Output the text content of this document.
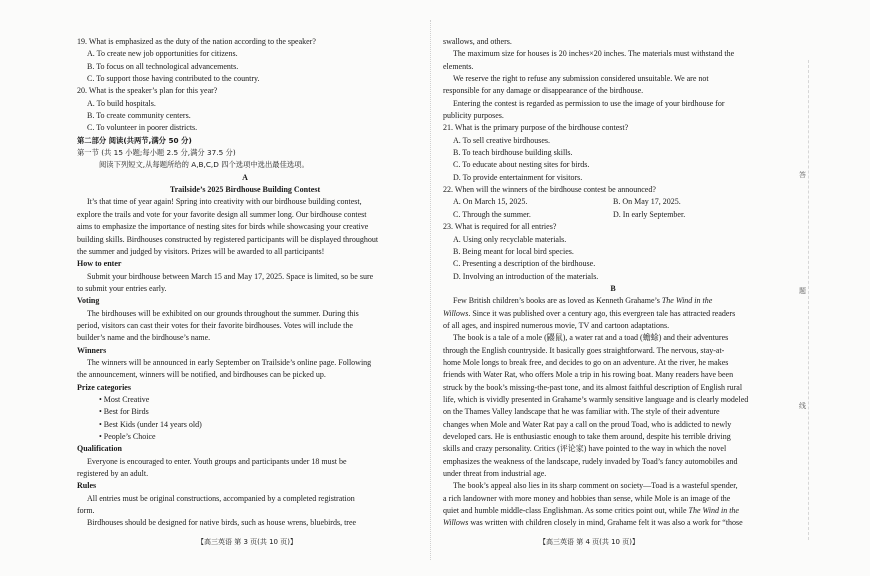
答
题
线
19. What is emphasized as the duty of the nation according to the speaker?
A. To create new job opportunities for citizens.
B. To focus on all technological advancements.
C. To support those having contributed to the country.
20. What is the speaker’s plan for this year?
A. To build hospitals.
B. To create community centers.
C. To volunteer in poorer districts.
第二部分 阅读(共两节,满分 50 分)
第一节 (共 15 小题;每小题 2.5 分,满分 37.5 分)
阅读下列短文,从每题所给的 A,B,C,D 四个选项中选出最佳选项。
A
Trailside’s 2025 Birdhouse Building Contest
It’s that time of year again! Spring into creativity with our birdhouse building contest,
explore the trails and vote for your favorite design all summer long. Our birdhouse contest
aims to emphasize the importance of nesting sites for birds while showcasing your creative
building skills. Birdhouses constructed by registered participants will be displayed throughout
the summer and judged by visitors. Prizes will be awarded to all participants!
How to enter
Submit your birdhouse between March 15 and May 17, 2025. Space is limited, so be sure
to submit your entries early.
Voting
The birdhouses will be exhibited on our grounds throughout the summer. During this
period, visitors can cast their votes for their favorite birdhouses. Votes will include the
builder’s name and the birdhouse’s name.
Winners
The winners will be announced in early September on Trailside’s online page. Following
the announcement, winners will be notified, and birdhouses can be picked up.
Prize categories
• Most Creative
• Best for Birds
• Best Kids (under 14 years old)
• People’s Choice
Qualification
Everyone is encouraged to enter. Youth groups and participants under 18 must be
registered by an adult.
Rules
All entries must be original constructions, accompanied by a completed registration
form.
Birdhouses should be designed for native birds, such as house wrens, bluebirds, tree
swallows, and others.
The maximum size for houses is 20 inches×20 inches. The materials must withstand the
elements.
We reserve the right to refuse any submission considered unsuitable. We are not
responsible for any damage or disappearance of the birdhouse.
Entering the contest is regarded as permission to use the image of your birdhouse for
publicity purposes.
21. What is the primary purpose of the birdhouse contest?
A. To sell creative birdhouses.
B. To teach birdhouse building skills.
C. To educate about nesting sites for birds.
D. To provide entertainment for visitors.
22. When will the winners of the birdhouse contest be announced?
A. On March 15, 2025.	B. On May 17, 2025.
C. Through the summer.	D. In early September.
23. What is required for all entries?
A. Using only recyclable materials.
B. Being meant for local bird species.
C. Presenting a description of the birdhouse.
D. Involving an introduction of the materials.
B
Few British children’s books are as loved as Kenneth Grahame’s The Wind in the
Willows. Since it was published over a century ago, this evergreen tale has attracted readers
of all ages, and inspired numerous movie, TV and cartoon adaptations.
The book is a tale of a mole (鼹鼠), a water rat and a toad (蟾蜍) and their adventures
through the English countryside. It basically goes straightforward. The nervous, stay-at-
home Mole longs to break free, and decides to go on an adventure. At the river, he makes
friends with Water Rat, who offers Mole a trip in his rowing boat. Many readers have been
struck by the book’s missing-the-past tone, and its almost faithful description of English rural
life, which is vividly presented in Grahame’s warmly sensitive language and is clearly modeled
on the Thames Valley landscape that he was familiar with. The style of their adventure
changes when Mole and Water Rat pay a call on the proud Toad, who is addicted to newly
developed cars. He is enthusiastic enough to take them around, despite his terrible driving
skills and crazy personality. Critics (评论家) have pointed to the way in which the novel
emphasizes the weakness of the landscape, rudely invaded by Toad’s fancy automobiles and
under threat from industrial age.
The book’s appeal also lies in its sharp comment on society—Toad is a wasteful spender,
a rich landowner with more money and hobbies than sense, while Mole is an image of the
quiet and humble middle-class Englishman. As some critics point out, while The Wind in the
Willows was written with children closely in mind, Grahame felt it was also a work for “those
【高三英语 第 3 页(共 10 页)】	【高三英语 第 4 页(共 10 页)】
